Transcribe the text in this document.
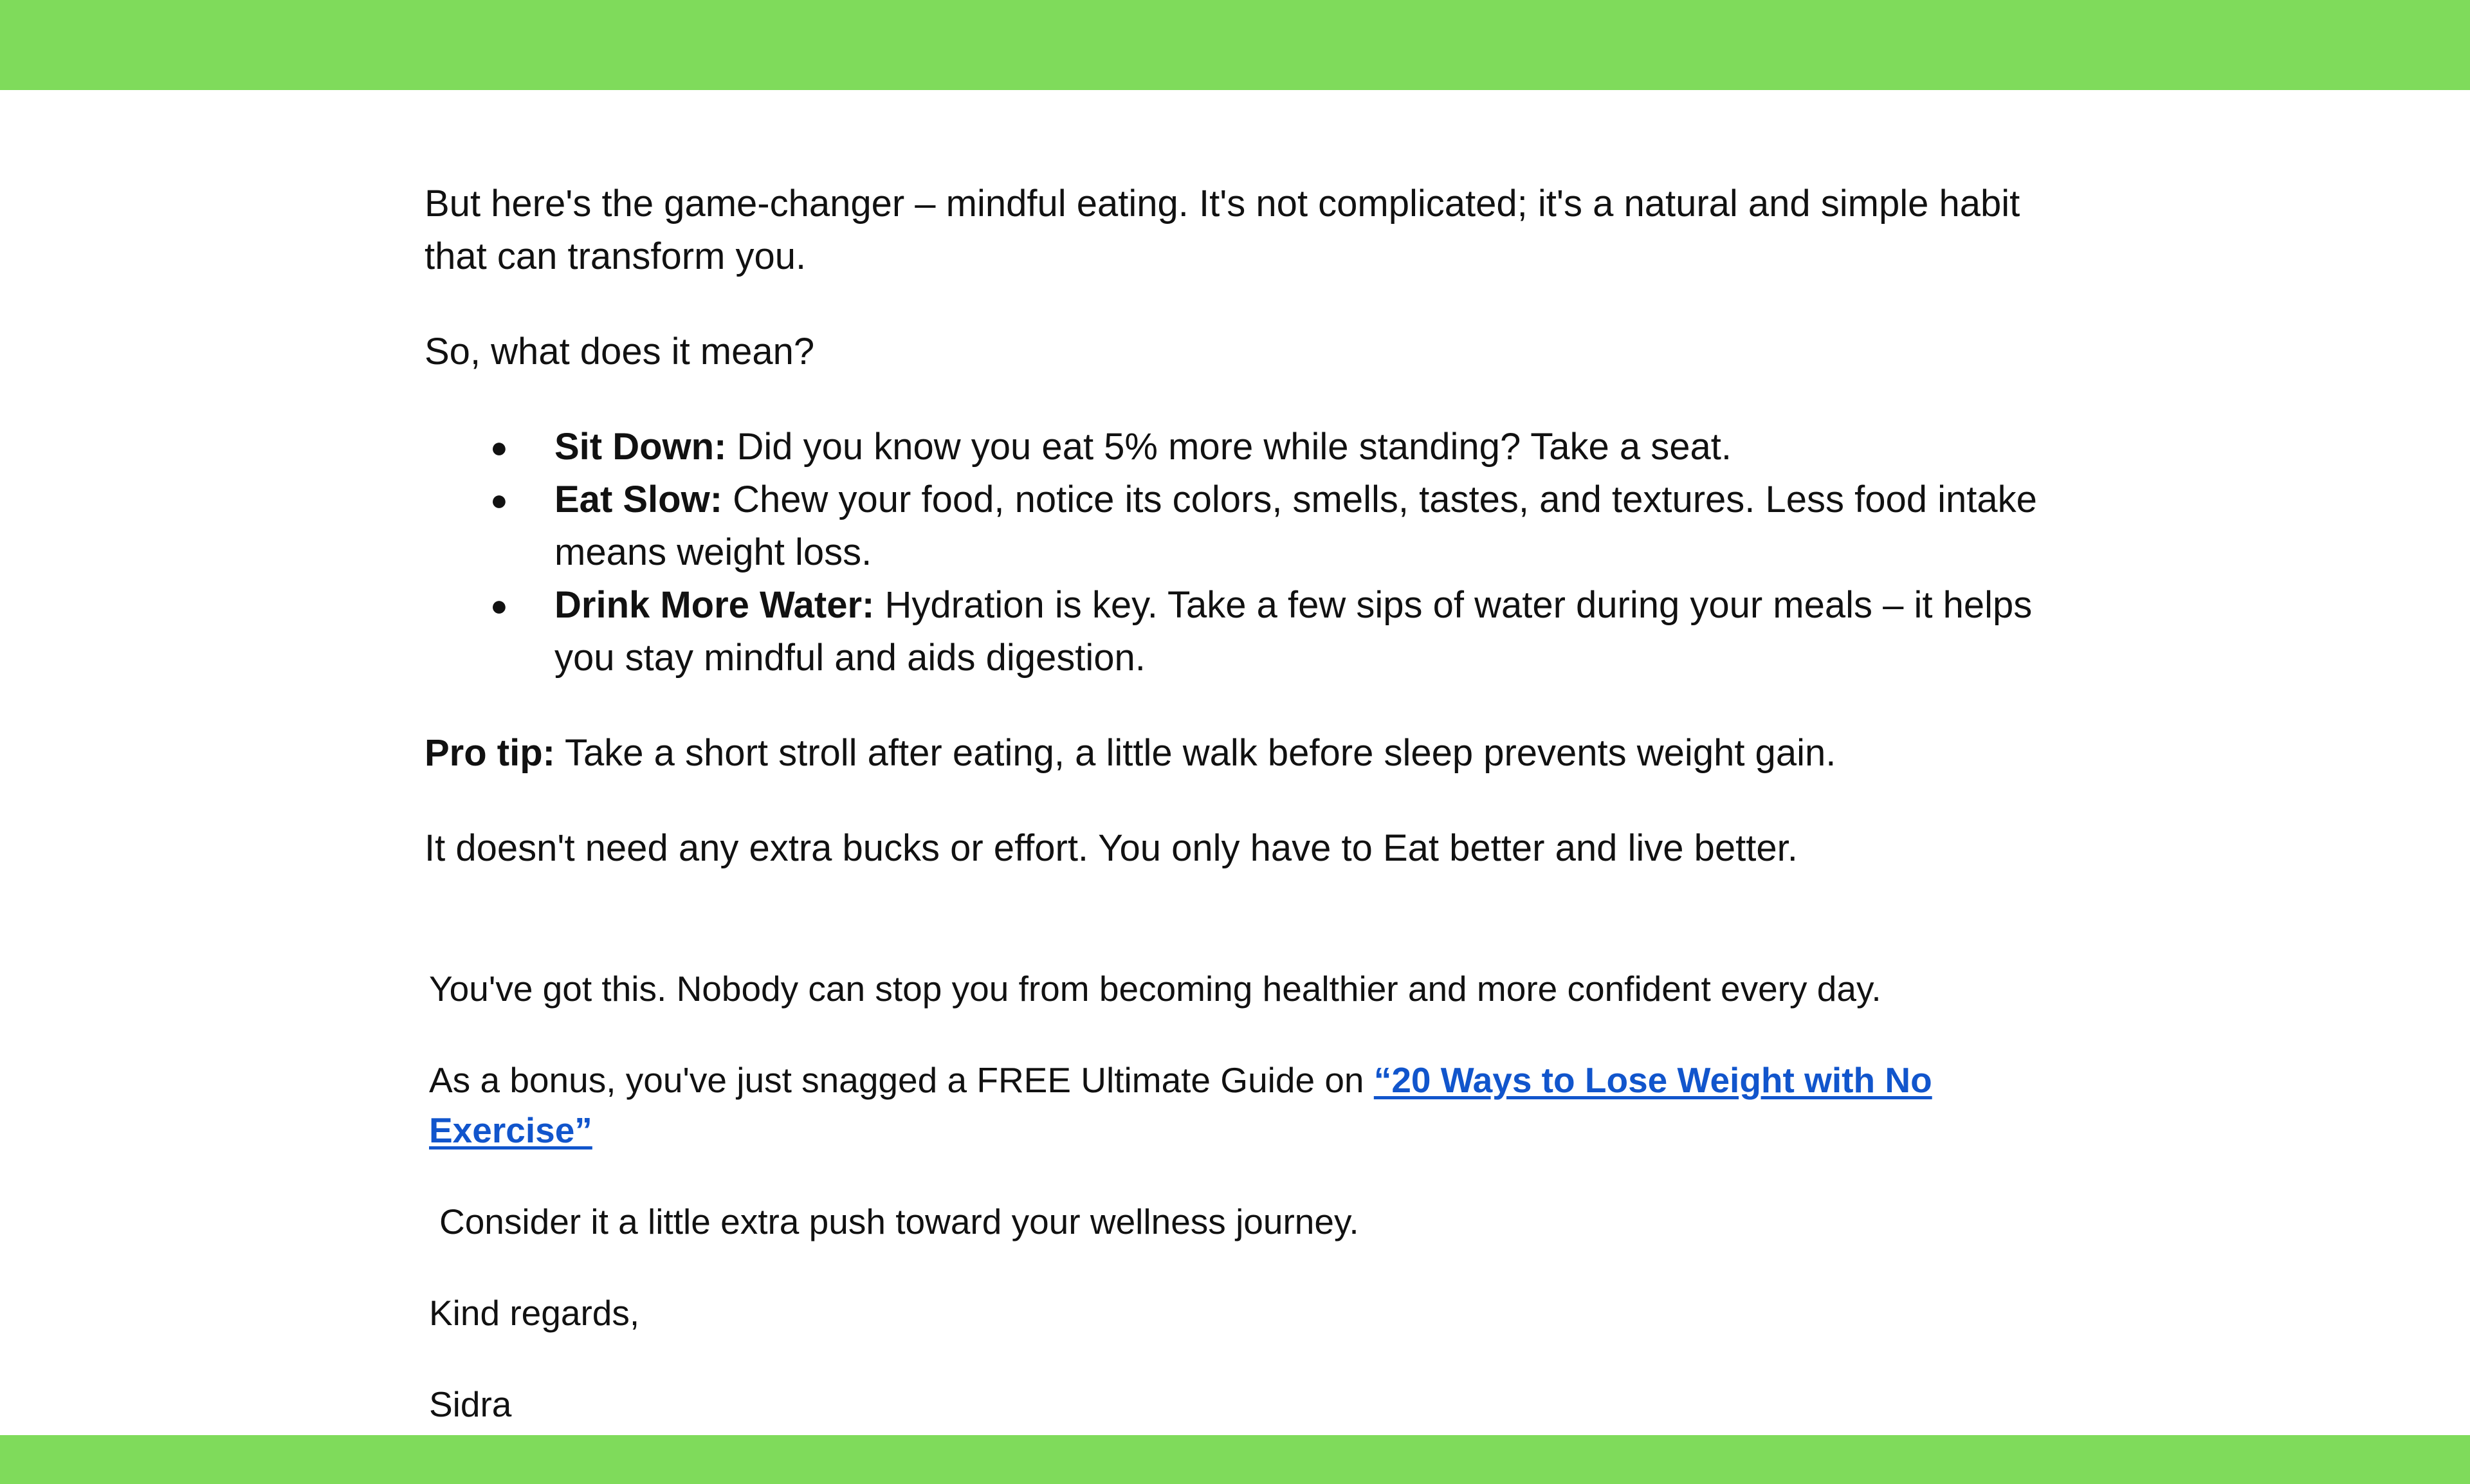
But here's the game-changer – mindful eating. It's not complicated; it's a natural and simple habit that can transform you.

So, what does it mean?

● Sit Down: Did you know you eat 5% more while standing? Take a seat.
● Eat Slow: Chew your food, notice its colors, smells, tastes, and textures. Less food intake means weight loss.
● Drink More Water: Hydration is key. Take a few sips of water during your meals – it helps you stay mindful and aids digestion.

Pro tip: Take a short stroll after eating, a little walk before sleep prevents weight gain.

It doesn't need any extra bucks or effort. You only have to Eat better and live better.

You've got this. Nobody can stop you from becoming healthier and more confident every day.

As a bonus, you've just snagged a FREE Ultimate Guide on “20 Ways to Lose Weight with No Exercise”

Consider it a little extra push toward your wellness journey.

Kind regards,

Sidra
